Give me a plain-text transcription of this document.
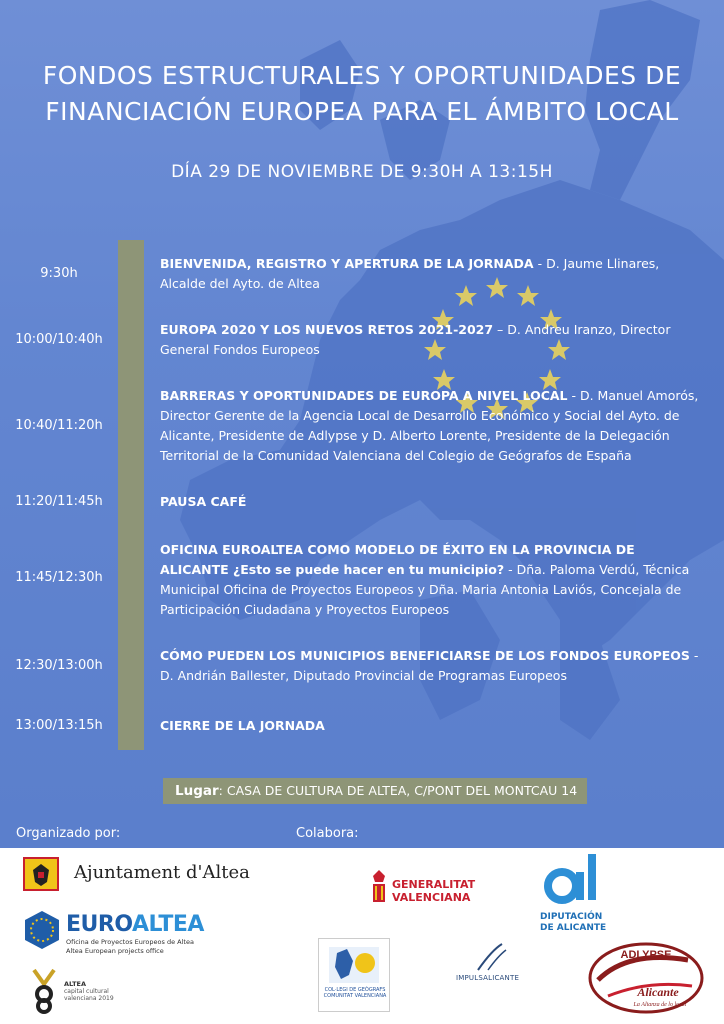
FONDOS ESTRUCTURALES Y OPORTUNIDADES DE
FINANCIACIÓN EUROPEA PARA EL ÁMBITO LOCAL
DÍA 29 DE NOVIEMBRE DE 9:30H A 13:15H
9:30h
BIENVENIDA, REGISTRO Y APERTURA DE LA JORNADA - D. Jaume Llinares, Alcalde del Ayto. de Altea
10:00/10:40h
EUROPA 2020 Y LOS NUEVOS RETOS 2021-2027 – D. Andreu Iranzo, Director General Fondos Europeos
10:40/11:20h
BARRERAS Y OPORTUNIDADES DE EUROPA A NIVEL LOCAL - D. Manuel Amorós, Director Gerente de la Agencia Local de Desarrollo Económico y Social del Ayto. de Alicante, Presidente de Adlypse y D. Alberto Lorente, Presidente de la Delegación Territorial de la Comunidad Valenciana del Colegio de Geógrafos de España
11:20/11:45h	PAUSA CAFÉ
11:45/12:30h
OFICINA EUROALTEA COMO MODELO DE ÉXITO EN LA PROVINCIA DE ALICANTE ¿Esto se puede hacer en tu municipio? - Dña. Paloma Verdú, Técnica Municipal Oficina de Proyectos Europeos y Dña. Maria Antonia Laviós, Concejala de Participación Ciudadana y Proyectos Europeos
12:30/13:00h
CÓMO PUEDEN LOS MUNICIPIOS BENEFICIARSE DE LOS FONDOS EUROPEOS - D. Andrián Ballester, Diputado Provincial de Programas Europeos
13:00/13:15h	CIERRE DE LA JORNADA
Lugar: CASA DE CULTURA DE ALTEA, C/PONT DEL MONTCAU 14
Organizado por:	Colabora:
Ajuntament d'Altea
EUROALTEA
Oficina de Proyectos Europeos de Altea
Altea European projects office
ALTEA
capital cultural valenciana 2019
GENERALITAT
VALENCIANA
DIPUTACIÓN
DE ALICANTE
COL·LEGI DE GEÒGRAFS COMUNITAT VALENCIANA
IMPULSALICANTE
ADLYPSE
Alicante
La Alianza de lo local
